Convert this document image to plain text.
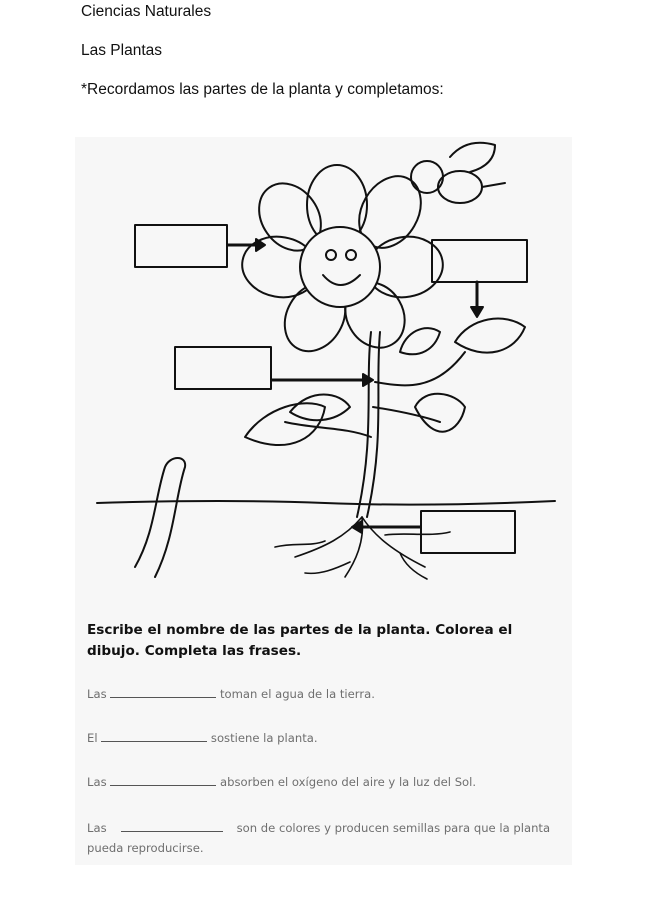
Ciencias Naturales
Las Plantas
*Recordamos las partes de la planta y completamos:
Escribe el nombre de las partes de la planta. Colorea el dibujo. Completa las frases.
Las	toman el agua de la tierra.
El	sostiene la planta.
Las	absorben el oxígeno del aire y la luz del Sol.
Las	son de colores y producen semillas para que la planta pueda reproducirse.
